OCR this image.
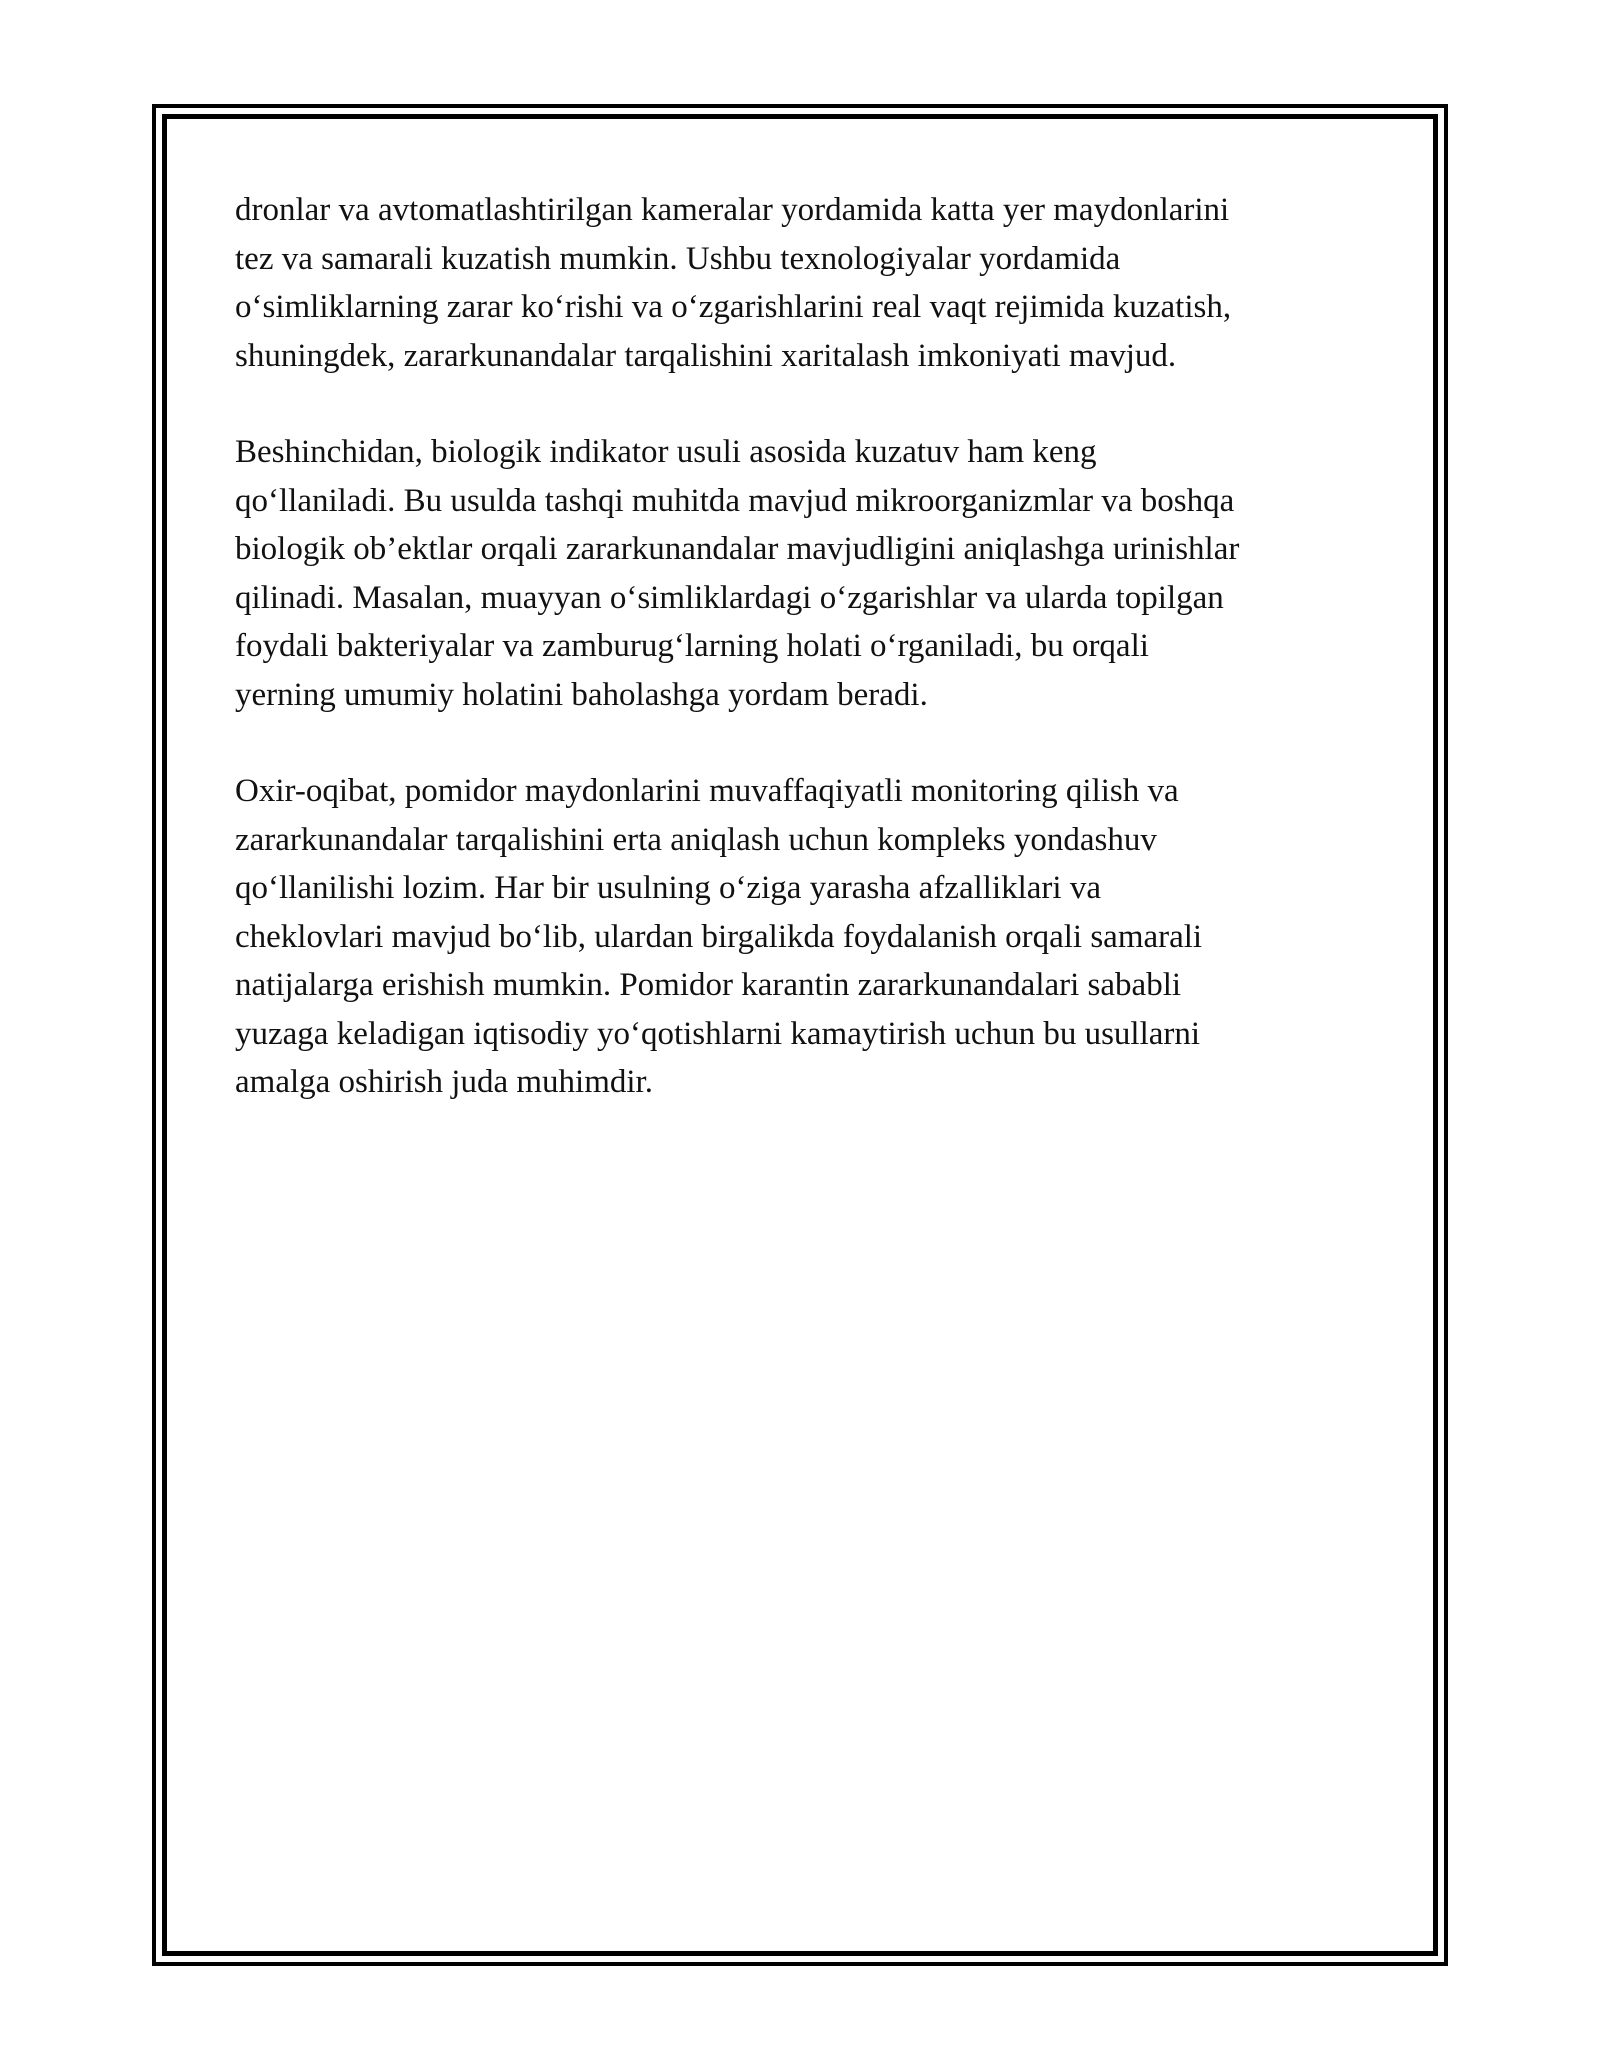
dronlar va avtomatlashtirilgan kameralar yordamida katta yer maydonlarini
tez va samarali kuzatish mumkin. Ushbu texnologiyalar yordamida
o‘simliklarning zarar ko‘rishi va o‘zgarishlarini real vaqt rejimida kuzatish,
shuningdek, zararkunandalar tarqalishini xaritalash imkoniyati mavjud.

Beshinchidan, biologik indikator usuli asosida kuzatuv ham keng
qo‘llaniladi. Bu usulda tashqi muhitda mavjud mikroorganizmlar va boshqa
biologik ob’ektlar orqali zararkunandalar mavjudligini aniqlashga urinishlar
qilinadi. Masalan, muayyan o‘simliklardagi o‘zgarishlar va ularda topilgan
foydali bakteriyalar va zamburug‘larning holati o‘rganiladi, bu orqali
yerning umumiy holatini baholashga yordam beradi.

Oxir-oqibat, pomidor maydonlarini muvaffaqiyatli monitoring qilish va
zararkunandalar tarqalishini erta aniqlash uchun kompleks yondashuv
qo‘llanilishi lozim. Har bir usulning o‘ziga yarasha afzalliklari va
cheklovlari mavjud bo‘lib, ulardan birgalikda foydalanish orqali samarali
natijalarga erishish mumkin. Pomidor karantin zararkunandalari sababli
yuzaga keladigan iqtisodiy yo‘qotishlarni kamaytirish uchun bu usullarni
amalga oshirish juda muhimdir.
